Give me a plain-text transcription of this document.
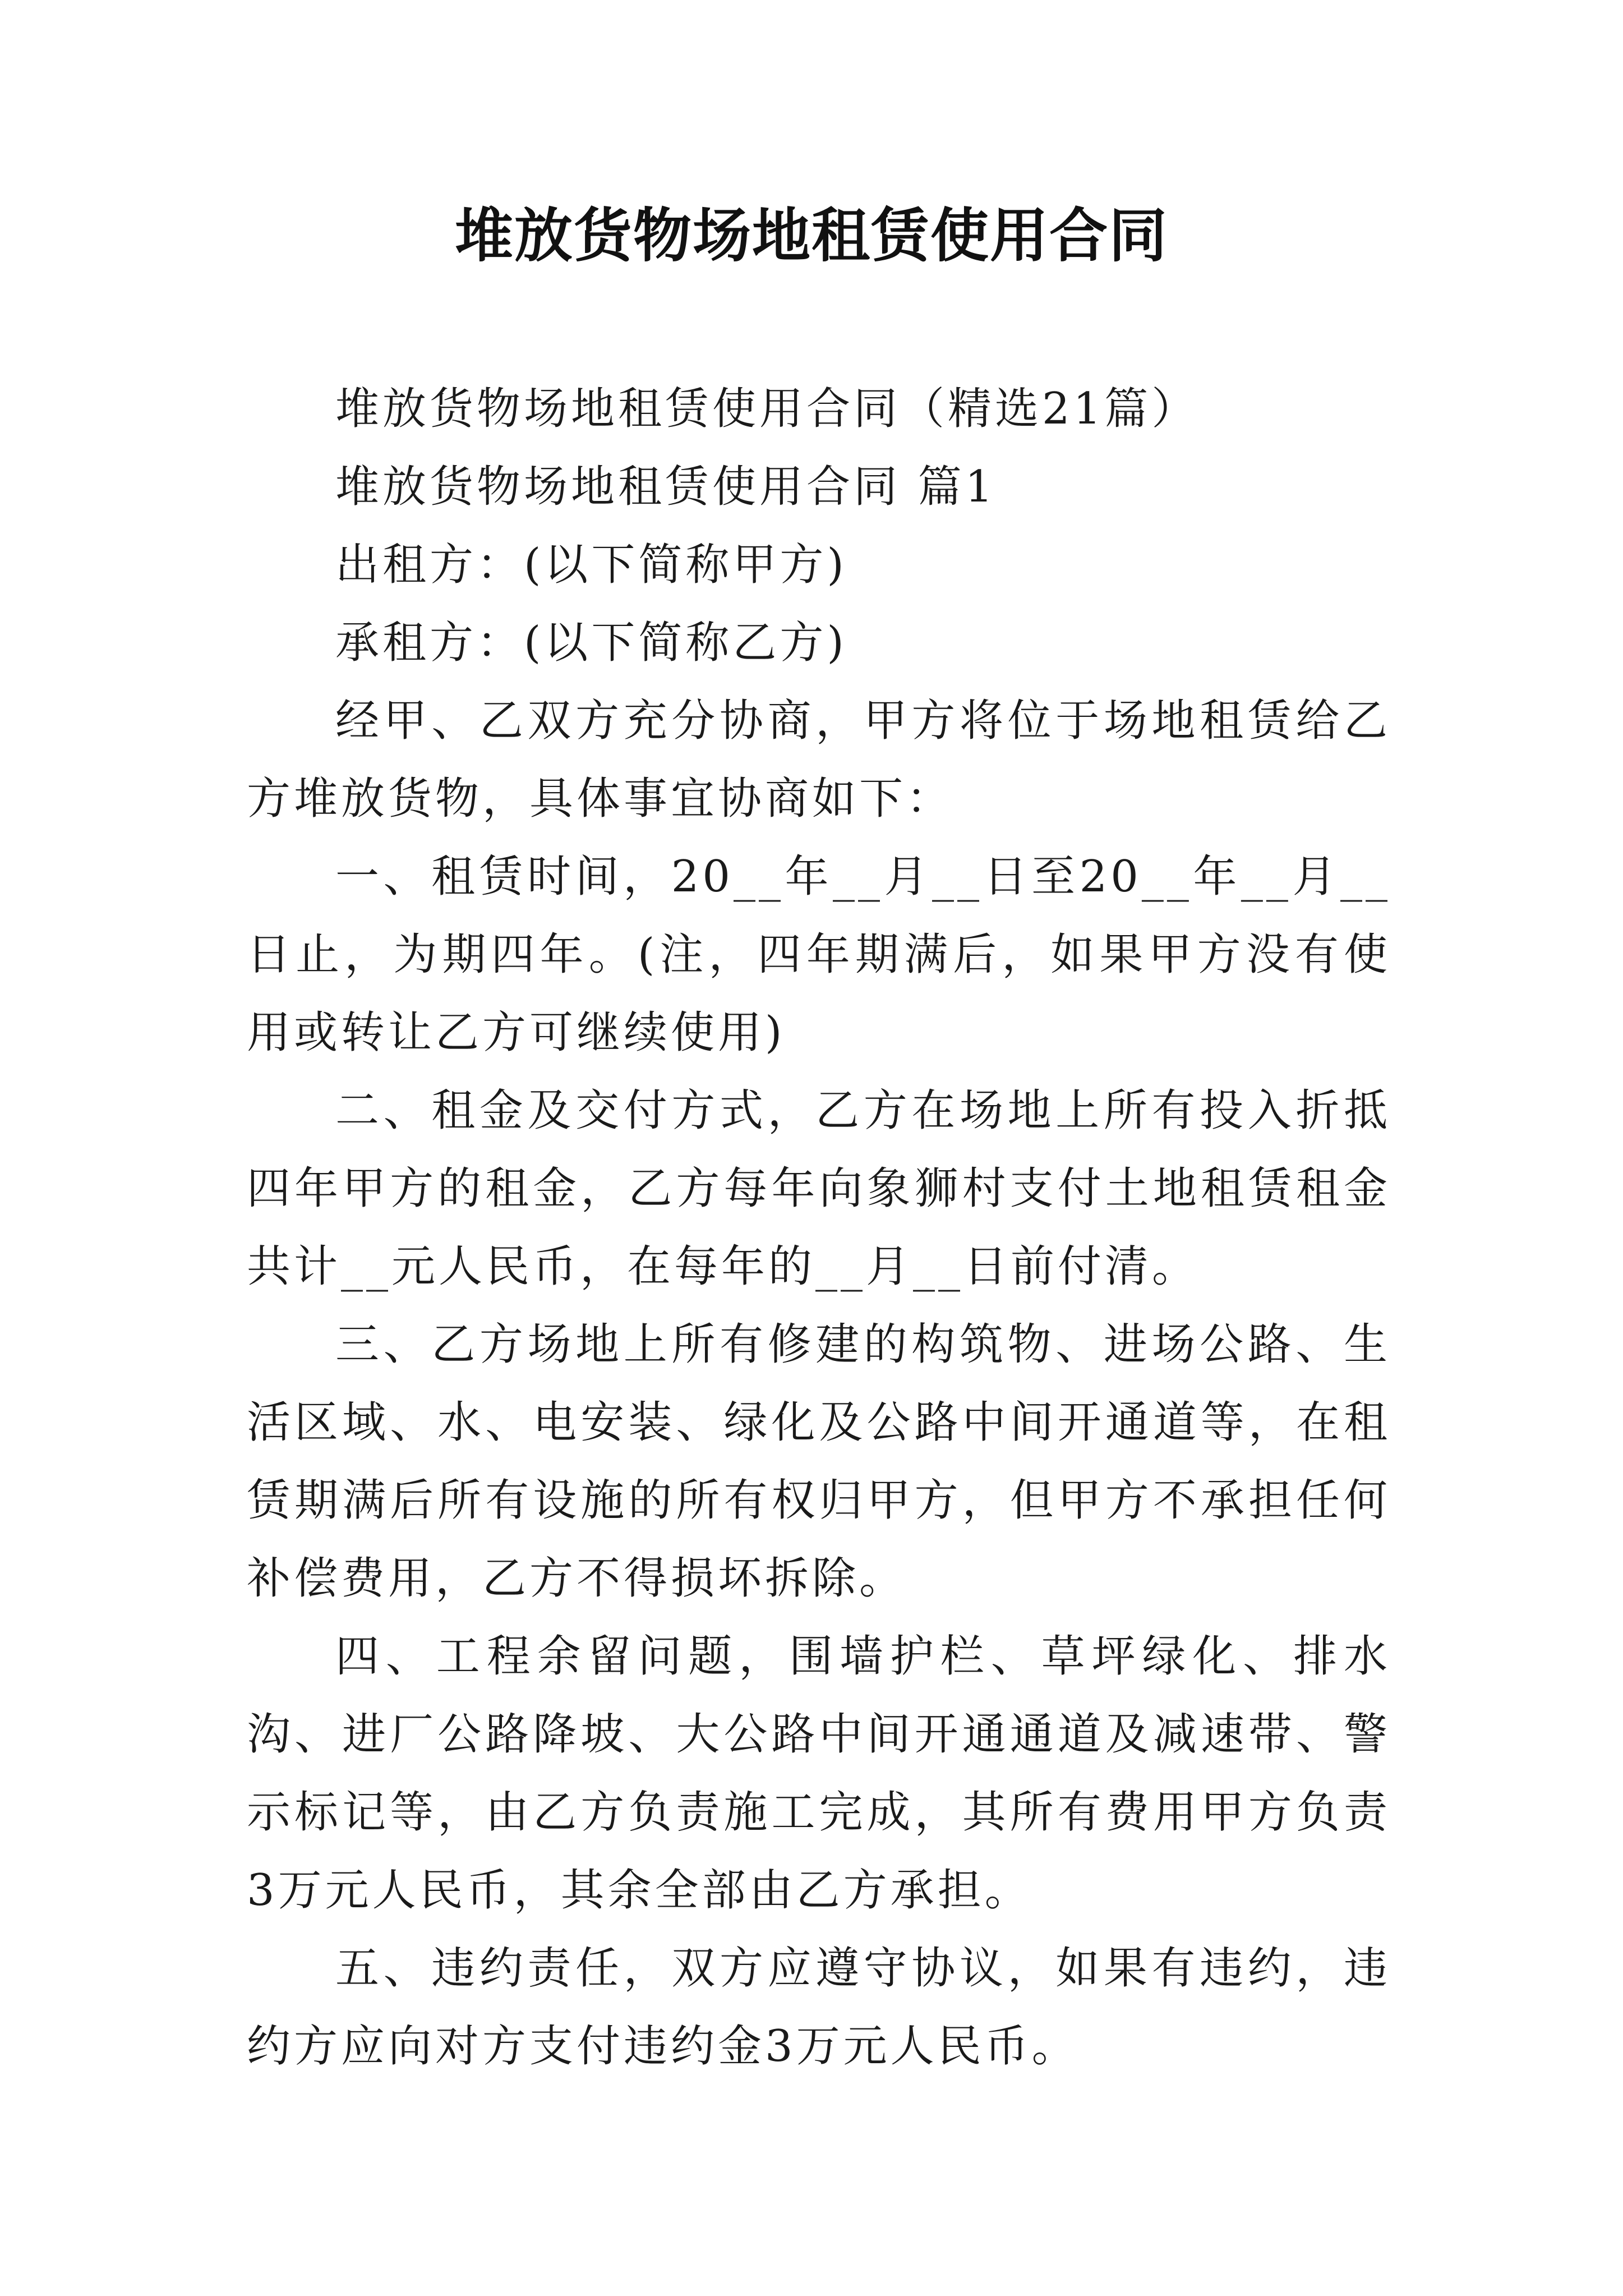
堆放货物场地租赁使用合同

堆放货物场地租赁使用合同（精选21篇）

堆放货物场地租赁使用合同 篇1

出租方：(以下简称甲方)

承租方：(以下简称乙方)

经甲、乙双方充分协商，甲方将位于场地租赁给乙方堆放货物，具体事宜协商如下：

一、租赁时间，20__年__月__日至20__年__月__日止，为期四年。(注，四年期满后，如果甲方没有使用或转让乙方可继续使用)

二、租金及交付方式，乙方在场地上所有投入折抵四年甲方的租金，乙方每年向象狮村支付土地租赁租金共计__元人民币，在每年的__月__日前付清。

三、乙方场地上所有修建的构筑物、进场公路、生活区域、水、电安装、绿化及公路中间开通道等，在租赁期满后所有设施的所有权归甲方，但甲方不承担任何补偿费用，乙方不得损坏拆除。

四、工程余留问题，围墙护栏、草坪绿化、排水沟、进厂公路降坡、大公路中间开通通道及减速带、警示标记等，由乙方负责施工完成，其所有费用甲方负责3万元人民币，其余全部由乙方承担。

五、违约责任，双方应遵守协议，如果有违约，违约方应向对方支付违约金3万元人民币。
